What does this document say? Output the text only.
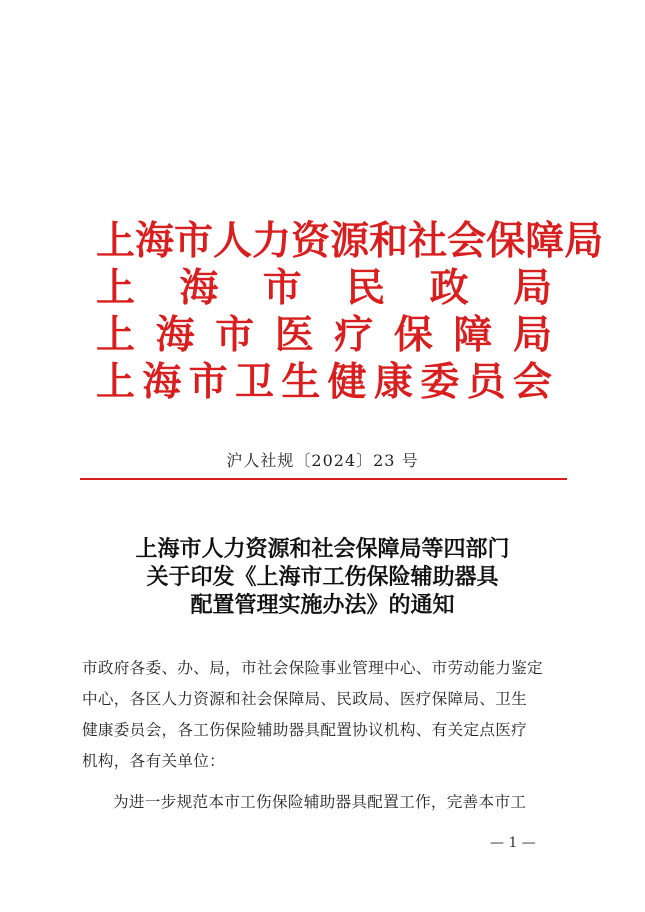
上 海 市 人 力 资 源 和 社 会 保 障 局
上 海 市 民 政 局
上 海 市 医 疗 保 障 局
上 海 市 卫 生 健 康 委 员 会
沪人社规〔2024〕23 号
上海市人力资源和社会保障局等四部门
关于印发《上海市工伤保险辅助器具
配置管理实施办法》的通知
市政府各委、办、局，市社会保险事业管理中心、市劳动能力鉴定
中心，各区人力资源和社会保障局、民政局、医疗保障局、卫生
健康委员会，各工伤保险辅助器具配置协议机构、有关定点医疗
机构，各有关单位：
为进一步规范本市工伤保险辅助器具配置工作，完善本市工
— 1 —
